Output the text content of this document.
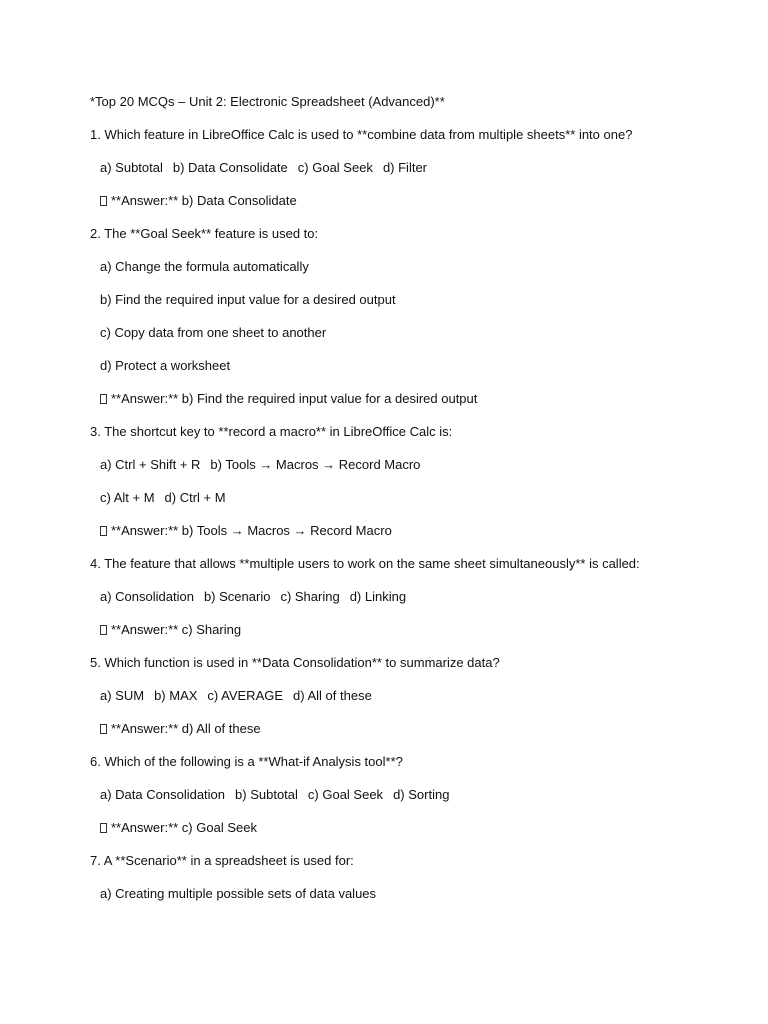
*Top 20 MCQs – Unit 2: Electronic Spreadsheet (Advanced)**
1. Which feature in LibreOffice Calc is used to **combine data from multiple sheets** into one?
a) Subtotal b) Data Consolidate c) Goal Seek d) Filter
**Answer:** b) Data Consolidate
2. The **Goal Seek** feature is used to:
a) Change the formula automatically
b) Find the required input value for a desired output
c) Copy data from one sheet to another
d) Protect a worksheet
**Answer:** b) Find the required input value for a desired output
3. The shortcut key to **record a macro** in LibreOffice Calc is:
a) Ctrl + Shift + R b) Tools → Macros → Record Macro
c) Alt + M d) Ctrl + M
**Answer:** b) Tools → Macros → Record Macro
4. The feature that allows **multiple users to work on the same sheet simultaneously** is called:
a) Consolidation b) Scenario c) Sharing d) Linking
**Answer:** c) Sharing
5. Which function is used in **Data Consolidation** to summarize data?
a) SUM b) MAX c) AVERAGE d) All of these
**Answer:** d) All of these
6. Which of the following is a **What-if Analysis tool**?
a) Data Consolidation b) Subtotal c) Goal Seek d) Sorting
**Answer:** c) Goal Seek
7. A **Scenario** in a spreadsheet is used for:
a) Creating multiple possible sets of data values
